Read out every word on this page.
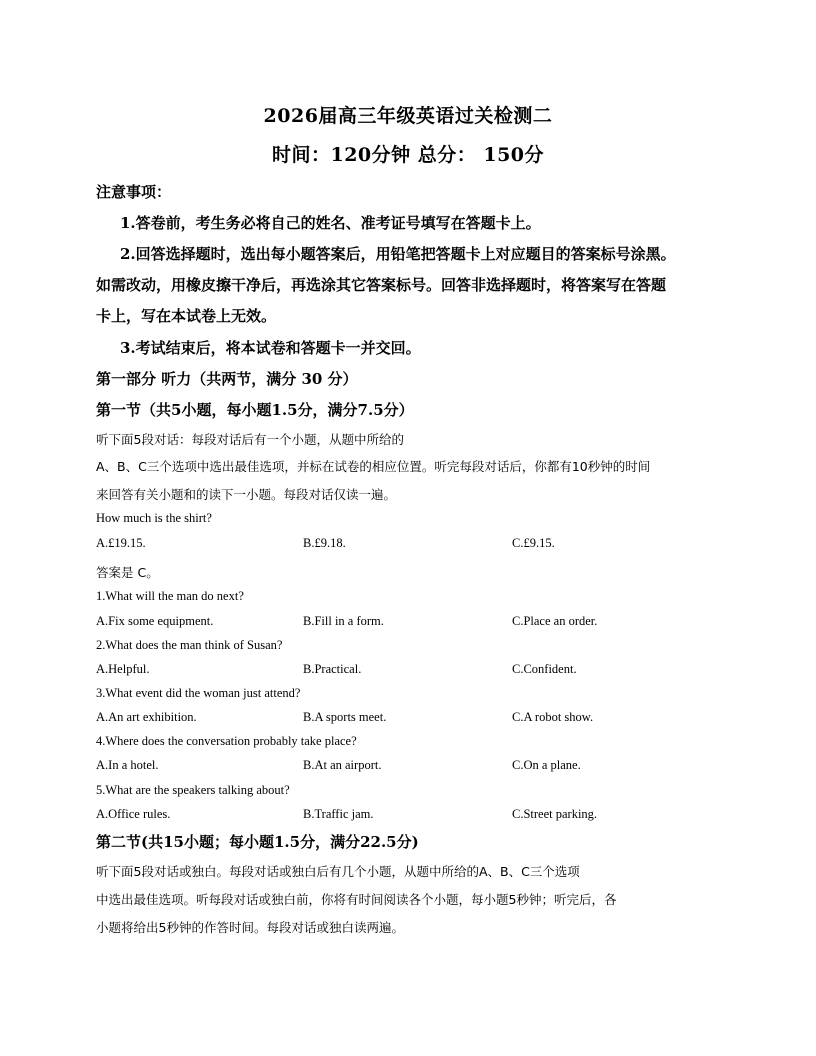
2026届高三年级英语过关检测二
时间：120分钟 总分： 150分
注意事项：
1.答卷前，考生务必将自己的姓名、准考证号填写在答题卡上。
2.回答选择题时，选出每小题答案后，用铅笔把答题卡上对应题目的答案标号涂黑。
如需改动，用橡皮擦干净后，再选涂其它答案标号。回答非选择题时，将答案写在答题
卡上，写在本试卷上无效。
3.考试结束后，将本试卷和答题卡一并交回。
第一部分 听力（共两节，满分 30 分）
第一节（共5小题，每小题1.5分，满分7.5分）
听下面5段对话：每段对话后有一个小题，从题中所给的
A、B、C三个选项中选出最佳选项，并标在试卷的相应位置。听完每段对话后，你都有10秒钟的时间
来回答有关小题和的读下一小题。每段对话仅读一遍。
How much is the shirt?
A.£19.15.	B.£9.18.	C.£9.15.
答案是 C。
1.What will the man do next?
A.Fix some equipment.	B.Fill in a form.	C.Place an order.
2.What does the man think of Susan?
A.Helpful.	B.Practical.	C.Confident.
3.What event did the woman just attend?
A.An art exhibition.	B.A sports meet.	C.A robot show.
4.Where does the conversation probably take place?
A.In a hotel.	B.At an airport.	C.On a plane.
5.What are the speakers talking about?
A.Office rules.	B.Traffic jam.	C.Street parking.
第二节(共15小题；每小题1.5分，满分22.5分)
听下面5段对话或独白。每段对话或独白后有几个小题，从题中所给的A、B、C三个选项
中选出最佳选项。听每段对话或独白前，你将有时间阅读各个小题，每小题5秒钟；听完后，各
小题将给出5秒钟的作答时间。每段对话或独白读两遍。
